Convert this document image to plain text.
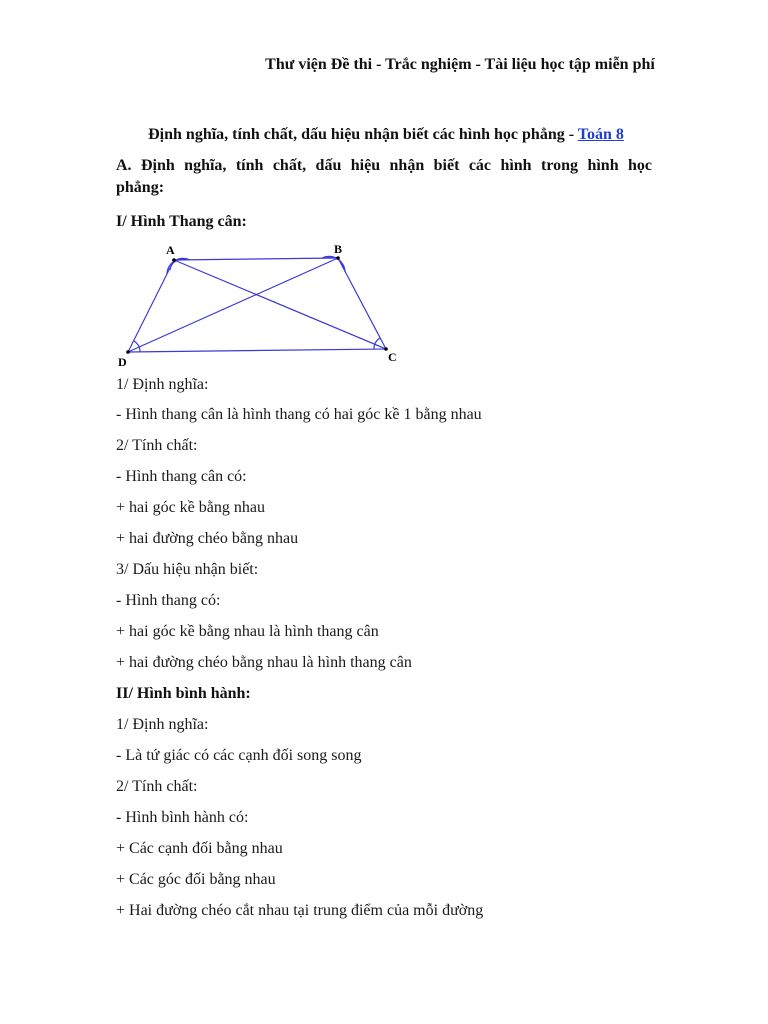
Thư viện Đề thi - Trắc nghiệm - Tài liệu học tập miễn phí
Định nghĩa, tính chất, dấu hiệu nhận biết các hình học phẳng - Toán 8
A. Định nghĩa, tính chất, dấu hiệu nhận biết các hình trong hình học phẳng:
I/ Hình Thang cân:
A	B
C
D
1/ Định nghĩa:
- Hình thang cân là hình thang có hai góc kề 1 bằng nhau
2/ Tính chất:
- Hình thang cân có:
+ hai góc kề bằng nhau
+ hai đường chéo bằng nhau
3/ Dấu hiệu nhận biết:
- Hình thang có:
+ hai góc kề bằng nhau là hình thang cân
+ hai đường chéo bằng nhau là hình thang cân
II/ Hình bình hành:
1/ Định nghĩa:
- Là tứ giác có các cạnh đối song song
2/ Tính chất:
- Hình bình hành có:
+ Các cạnh đối bằng nhau
+ Các góc đối bằng nhau
+ Hai đường chéo cắt nhau tại trung điểm của mỗi đường
